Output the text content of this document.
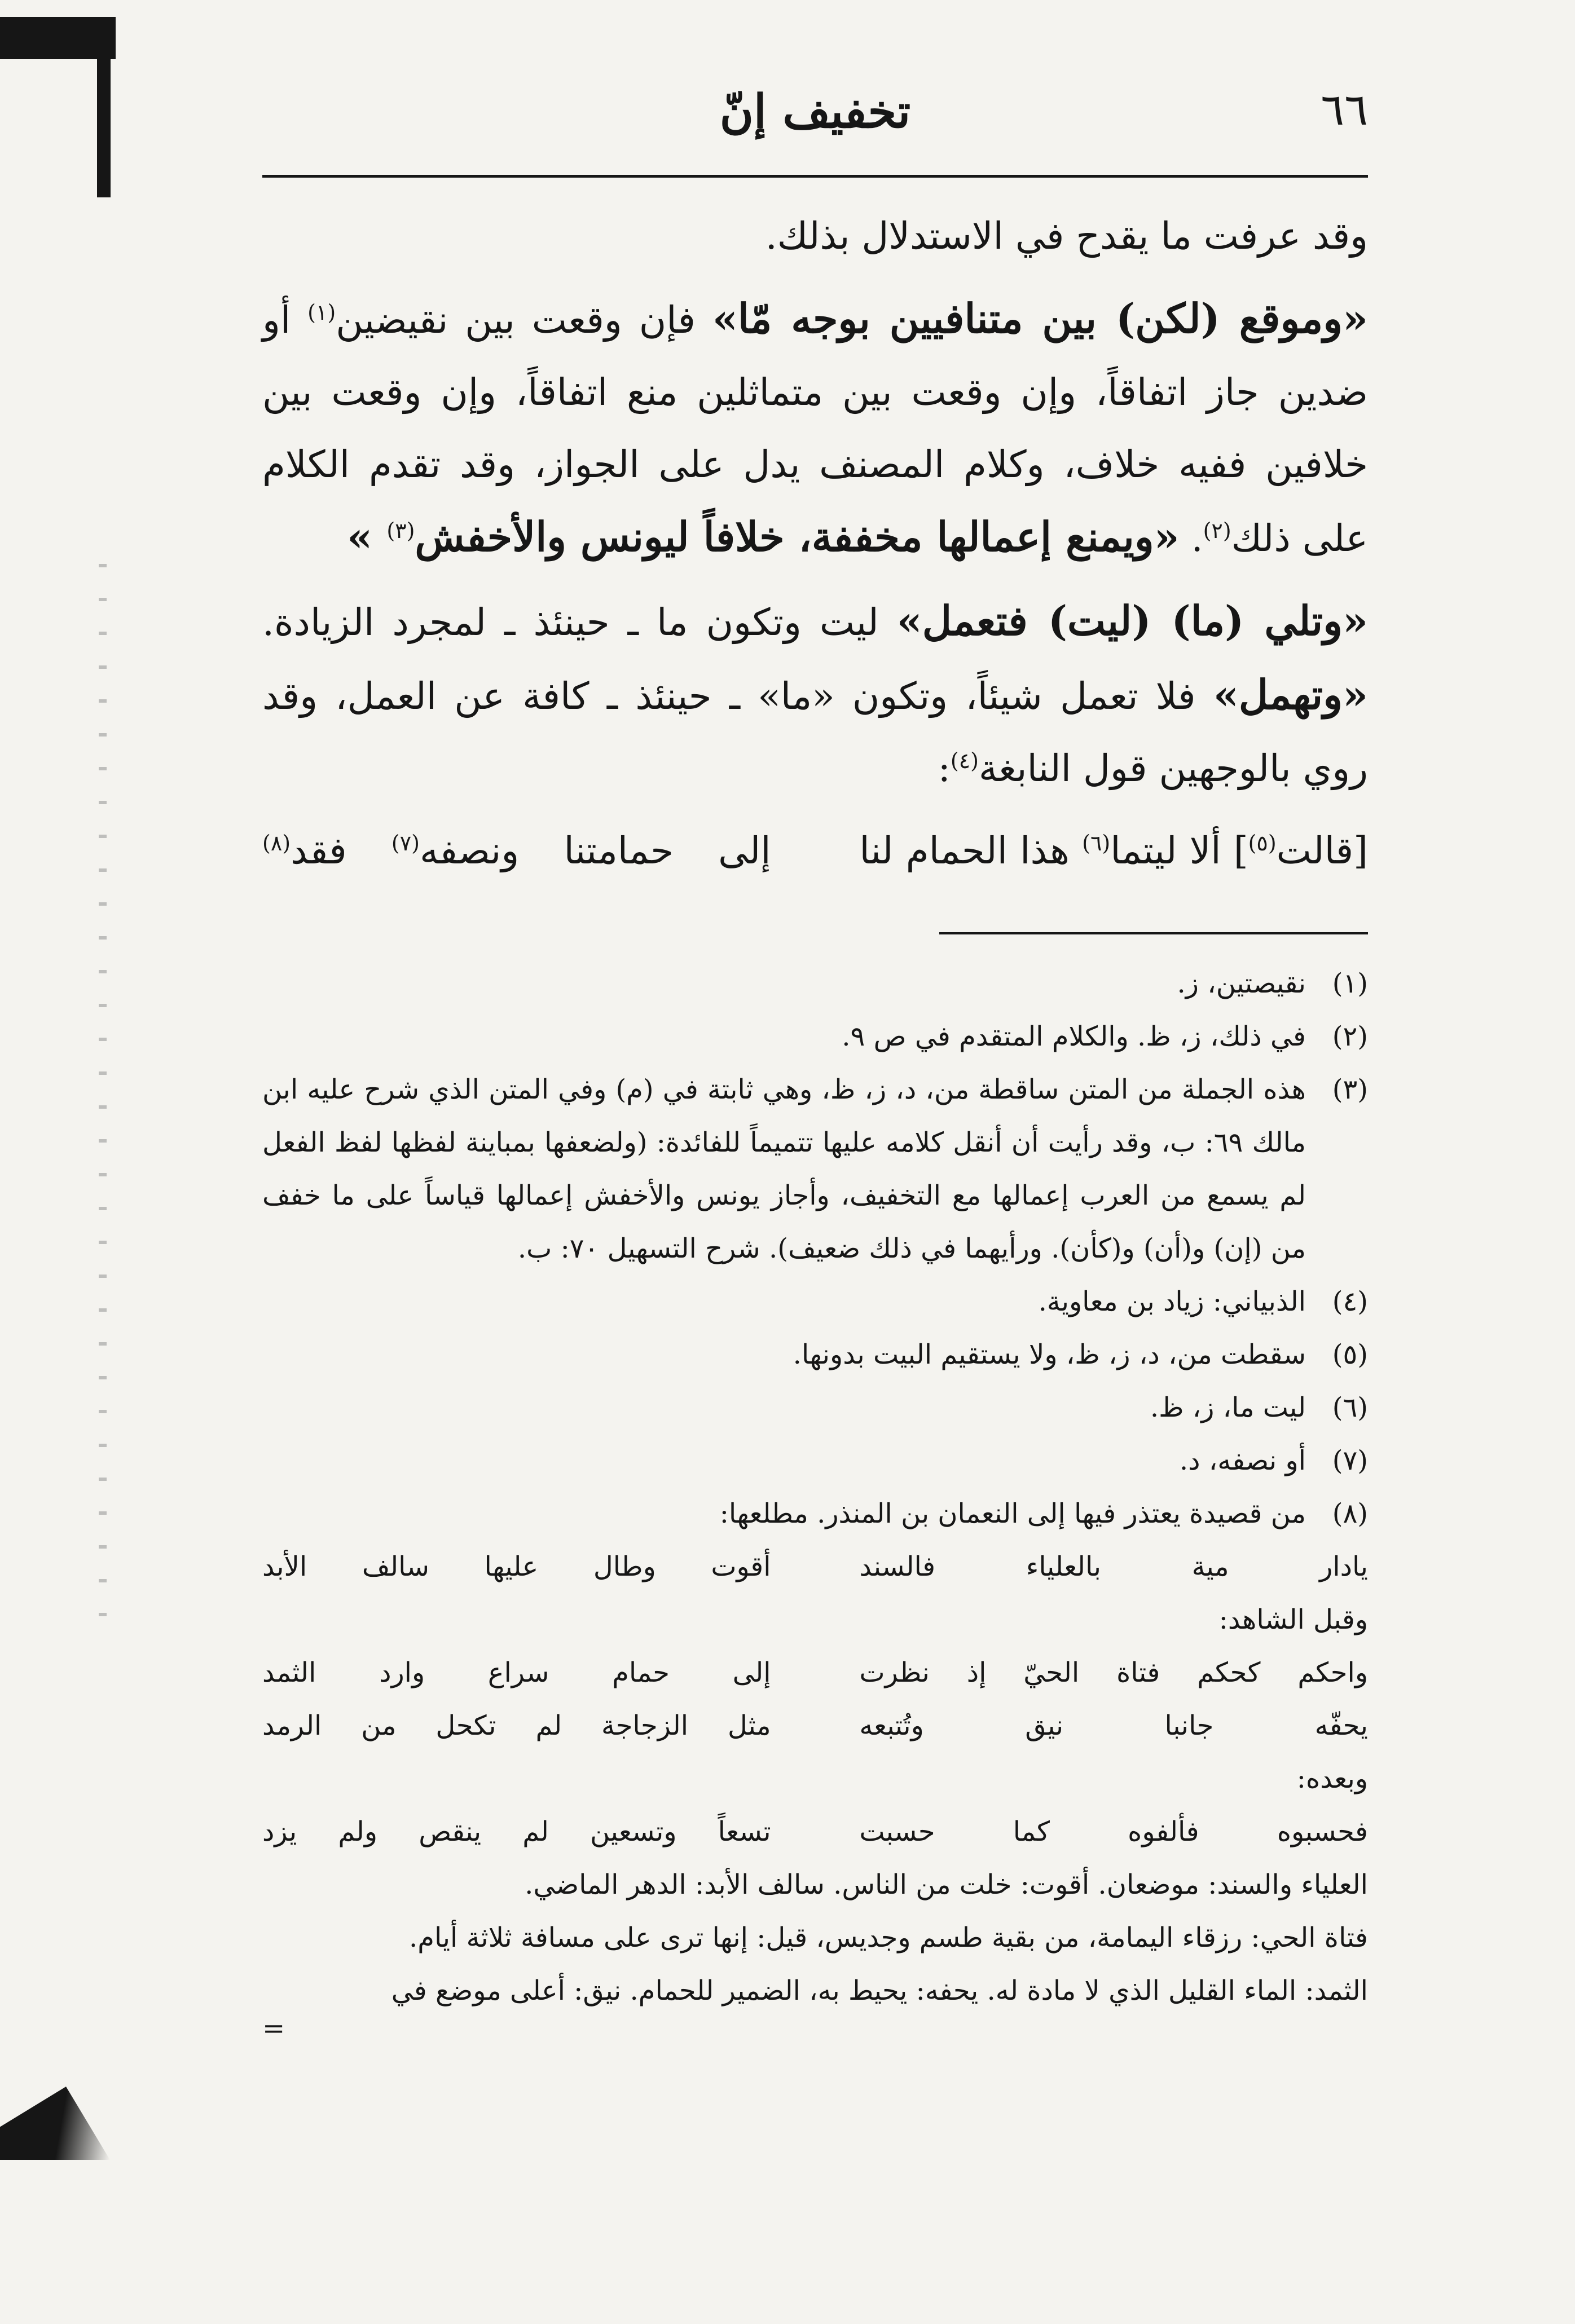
٦٦
تخفيف إنّ

وقد عرفت ما يقدح في الاستدلال بذلك.

«وموقع (لكن) بين متنافيين بوجه مّا» فإن وقعت بين نقيضين$^{(١)}$ أو ضدين جاز اتفاقاً، وإن وقعت بين متماثلين منع اتفاقاً، وإن وقعت بين خلافين ففيه خلاف، وكلام المصنف يدل على الجواز، وقد تقدم الكلام على ذلك$^{(٢)}$. «ويمنع إعمالها مخففة، خلافاً ليونس والأخفش$^{(٣)}$ »

«وتلي (ما) (ليت) فتعمل» ليت وتكون ما ـ حينئذ ـ لمجرد الزيادة. «وتهمل» فلا تعمل شيئاً، وتكون «ما» ـ حينئذ ـ كافة عن العمل، وقد روي بالوجهين قول النابغة$^{(٤)}$:

[قالت$^{(٥)}$] ألا ليتما$^{(٦)}$ هذا الحمام لنا
إلى حمامتنا ونصفه$^{(٧)}$ فقد$^{(٨)}$
(١)
نقيصتين، ز.
(٢)
في ذلك، ز، ظ. والكلام المتقدم في ص ٩.
(٣)
هذه الجملة من المتن ساقطة من، د، ز، ظ، وهي ثابتة في (م) وفي المتن الذي شرح عليه ابن مالك ٦٩: ب، وقد رأيت أن أنقل كلامه عليها تتميماً للفائدة: (ولضعفها بمباينة لفظها لفظ الفعل لم يسمع من العرب إعمالها مع التخفيف، وأجاز يونس والأخفش إعمالها قياساً على ما خفف من (إن) و(أن) و(كأن). ورأيهما في ذلك ضعيف). شرح التسهيل ٧٠: ب.
(٤)
الذبياني: زياد بن معاوية.
(٥)
سقطت من، د، ز، ظ، ولا يستقيم البيت بدونها.
(٦)
ليت ما، ز، ظ.
(٧)
أو نصفه، د.
(٨)
من قصيدة يعتذر فيها إلى النعمان بن المنذر. مطلعها:
يادار مية بالعلياء فالسند
أقوت وطال عليها سالف الأبد
وقبل الشاهد:
واحكم كحكم فتاة الحيّ إذ نظرت
إلى حمام سراع وارد الثمد
يحفّه جانبا نيق وتُتبعه
مثل الزجاجة لم تكحل من الرمد
وبعده:
فحسبوه فألفوه كما حسبت
تسعاً وتسعين لم ينقص ولم يزد
العلياء والسند: موضعان. أقوت: خلت من الناس. سالف الأبد: الدهر الماضي.
فتاة الحي: رزقاء اليمامة، من بقية طسم وجديس، قيل: إنها ترى على مسافة ثلاثة أيام.
الثمد: الماء القليل الذي لا مادة له. يحفه: يحيط به، الضمير للحمام. نيق: أعلى موضع في
=
